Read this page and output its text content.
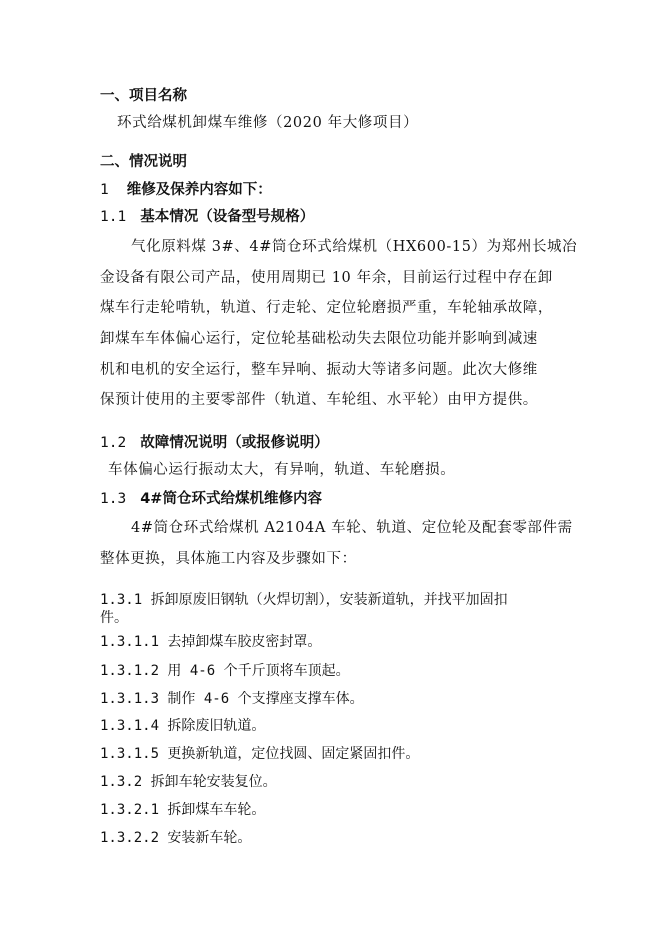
一、项目名称
环式给煤机卸煤车维修（2020 年大修项目）
二、情况说明
1 维修及保养内容如下：
1.1 基本情况（设备型号规格）
气化原料煤 3#、4#筒仓环式给煤机（HX600-15）为郑州长城冶
金设备有限公司产品，使用周期已 10 年余，目前运行过程中存在卸
煤车行走轮啃轨，轨道、行走轮、定位轮磨损严重，车轮轴承故障，
卸煤车车体偏心运行，定位轮基础松动失去限位功能并影响到减速
机和电机的安全运行，整车异响、振动大等诸多问题。此次大修维
保预计使用的主要零部件（轨道、车轮组、水平轮）由甲方提供。
1.2 故障情况说明（或报修说明）
车体偏心运行振动太大，有异响，轨道、车轮磨损。
1.3 4#筒仓环式给煤机维修内容
4#筒仓环式给煤机 A2104A 车轮、轨道、定位轮及配套零部件需
整体更换，具体施工内容及步骤如下：
1.3.1 拆卸原废旧钢轨（火焊切割），安装新道轨，并找平加固扣
件。
1.3.1.1 去掉卸煤车胶皮密封罩。
1.3.1.2 用 4-6 个千斤顶将车顶起。
1.3.1.3 制作 4-6 个支撑座支撑车体。
1.3.1.4 拆除废旧轨道。
1.3.1.5 更换新轨道，定位找圆、固定紧固扣件。
1.3.2 拆卸车轮安装复位。
1.3.2.1 拆卸煤车车轮。
1.3.2.2 安装新车轮。
